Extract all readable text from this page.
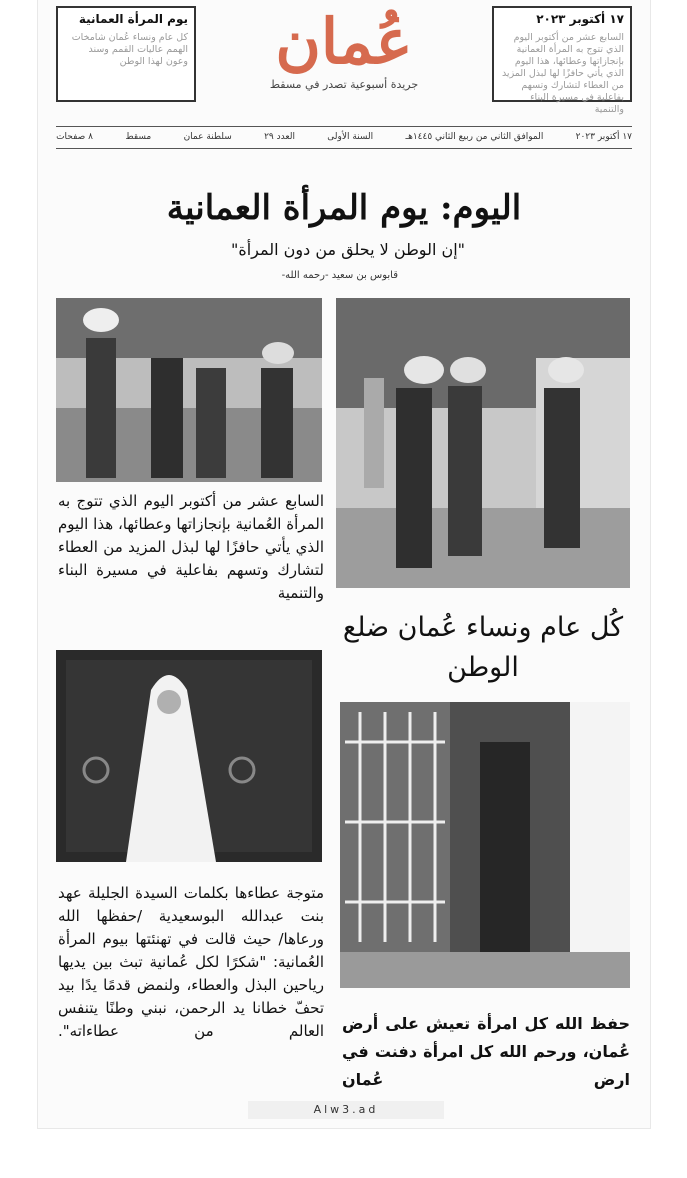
١٧ أكتوبر ٢٠٢٣
السابع عشر من أكتوبر اليوم الذي تتوج به المرأة العمانية بإنجازاتها وعطائها، هذا اليوم الذي يأتي حافزًا لها لبذل المزيد من العطاء لتشارك وتسهم بفاعلية في مسيرة البناء والتنمية
عُمان
جريدة أسبوعية تصدر في مسقط
يوم المرأة العمانية
كل عام ونساء عُمان شامخات الهمم عاليات القمم وسند وعون لهذا الوطن
١٧ أكتوبر ٢٠٢٣
الموافق الثاني من ربيع الثاني ١٤٤٥هـ
السنة الأولى
العدد ٢٩
سلطنة عمان
مسقط
٨ صفحات
اليوم: يوم المرأة العمانية
"إن الوطن لا يحلق من دون المرأة"
قابوس بن سعيد -رحمه الله-
السابع عشر من أكتوبر اليوم الذي تتوج به المرأة العُمانية بإنجازاتها وعطائها، هذا اليوم الذي يأتي حافزًا لها لبذل المزيد من العطاء لتشارك وتسهم بفاعلية في مسيرة البناء والتنمية
كُل عام ونساء عُمان ضلع الوطن
متوجة عطاءها بكلمات السيدة الجليلة عهد بنت عبدالله البوسعيدية /حفظها الله ورعاها/ حيث قالت في تهنئتها بيوم المرأة العُمانية: "شكرًا لكل عُمانية تبث بين يديها رياحين البذل والعطاء، ولنمض قدمًا يدًا بيد تحفّ خطانا يد الرحمن، نبني وطنًا يتنفس العالم من عطاءاته". حفظ الله كل امرأة تعيش على أرض عُمان، ورحم الله كل امرأة دفنت في ارض عُمان
Alw3.ad
